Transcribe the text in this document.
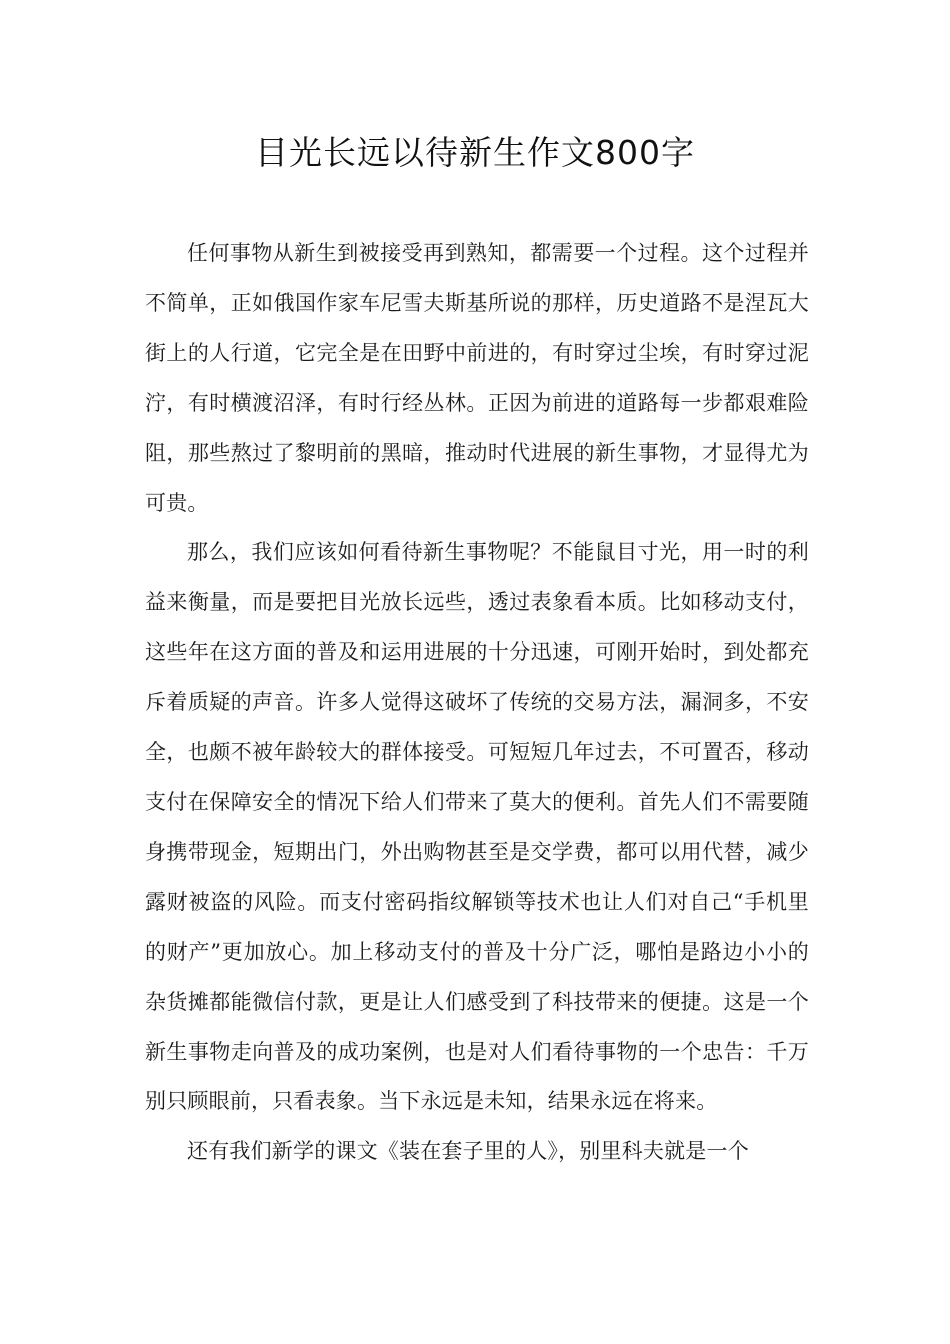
目光长远以待新生作文800字

任何事物从新生到被接受再到熟知，都需要一个过程。这个过程并不简单，正如俄国作家车尼雪夫斯基所说的那样，历史道路不是涅瓦大街上的人行道，它完全是在田野中前进的，有时穿过尘埃，有时穿过泥泞，有时横渡沼泽，有时行经丛林。正因为前进的道路每一步都艰难险阻，那些熬过了黎明前的黑暗，推动时代进展的新生事物，才显得尤为可贵。

那么，我们应该如何看待新生事物呢？不能鼠目寸光，用一时的利益来衡量，而是要把目光放长远些，透过表象看本质。比如移动支付，这些年在这方面的普及和运用进展的十分迅速，可刚开始时，到处都充斥着质疑的声音。许多人觉得这破坏了传统的交易方法，漏洞多，不安全，也颇不被年龄较大的群体接受。可短短几年过去，不可置否，移动支付在保障安全的情况下给人们带来了莫大的便利。首先人们不需要随身携带现金，短期出门，外出购物甚至是交学费，都可以用代替，减少露财被盗的风险。而支付密码指纹解锁等技术也让人们对自己“手机里的财产”更加放心。加上移动支付的普及十分广泛，哪怕是路边小小的杂货摊都能微信付款，更是让人们感受到了科技带来的便捷。这是一个新生事物走向普及的成功案例，也是对人们看待事物的一个忠告：千万别只顾眼前，只看表象。当下永远是未知，结果永远在将来。

还有我们新学的课文《装在套子里的人》，别里科夫就是一个
